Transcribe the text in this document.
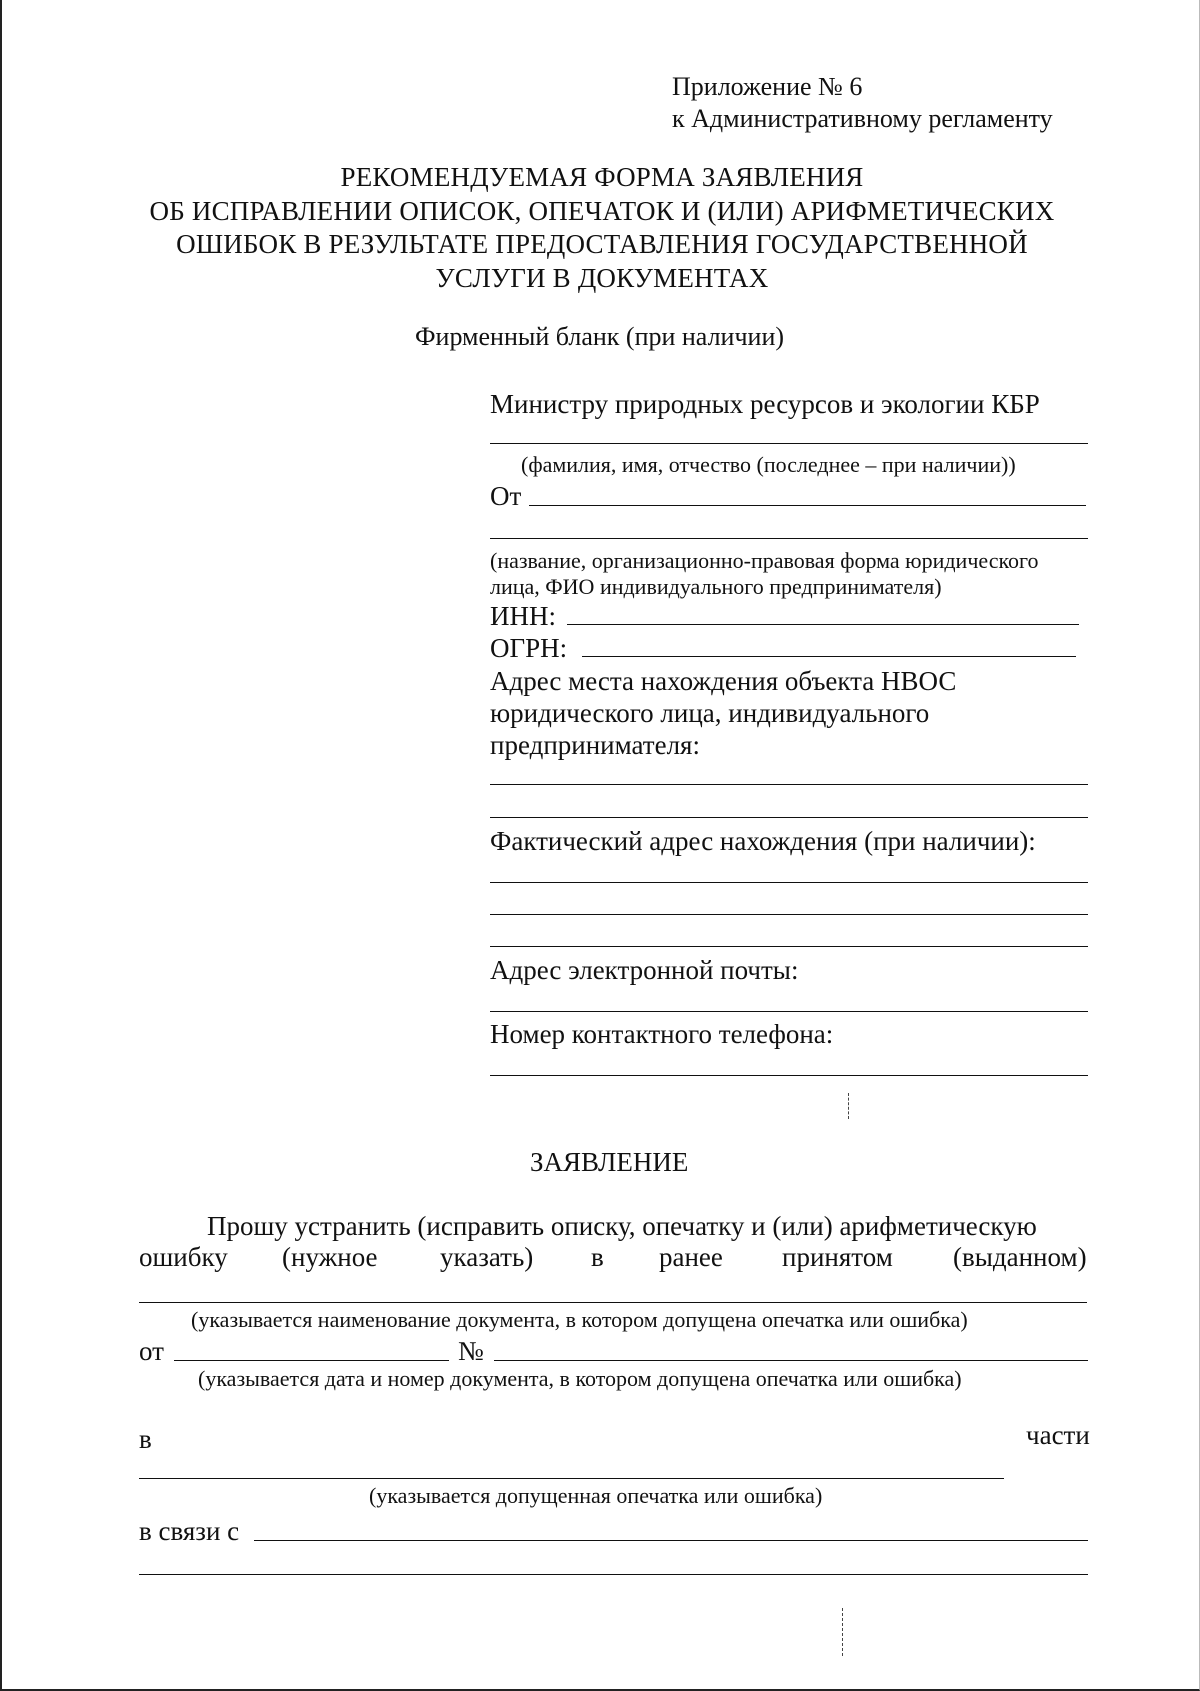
Приложение № 6
к Административному регламенту
РЕКОМЕНДУЕМАЯ ФОРМА ЗАЯВЛЕНИЯ
ОБ ИСПРАВЛЕНИИ ОПИСОК, ОПЕЧАТОК И (ИЛИ) АРИФМЕТИЧЕСКИХ
ОШИБОК В РЕЗУЛЬТАТЕ ПРЕДОСТАВЛЕНИЯ ГОСУДАРСТВЕННОЙ
УСЛУГИ В ДОКУМЕНТАХ
Фирменный бланк (при наличии)
Министру природных ресурсов и экологии КБР
(фамилия, имя, отчество (последнее – при наличии))
От
(название, организационно-правовая форма юридического
лица, ФИО индивидуального предпринимателя)
ИНН:
ОГРН:
Адрес места нахождения объекта НВОС
юридического лица, индивидуального
предпринимателя:
Фактический адрес нахождения (при наличии):
Адрес электронной почты:
Номер контактного телефона:
ЗАЯВЛЕНИЕ
Прошу устранить (исправить описку, опечатку и (или) арифметическую
ошибку (нужное указать) в ранее принятом (выданном)
(указывается наименование документа, в котором допущена опечатка или ошибка)
от	№
(указывается дата и номер документа, в котором допущена опечатка или ошибка)
в	части
(указывается допущенная опечатка или ошибка)
в связи с
